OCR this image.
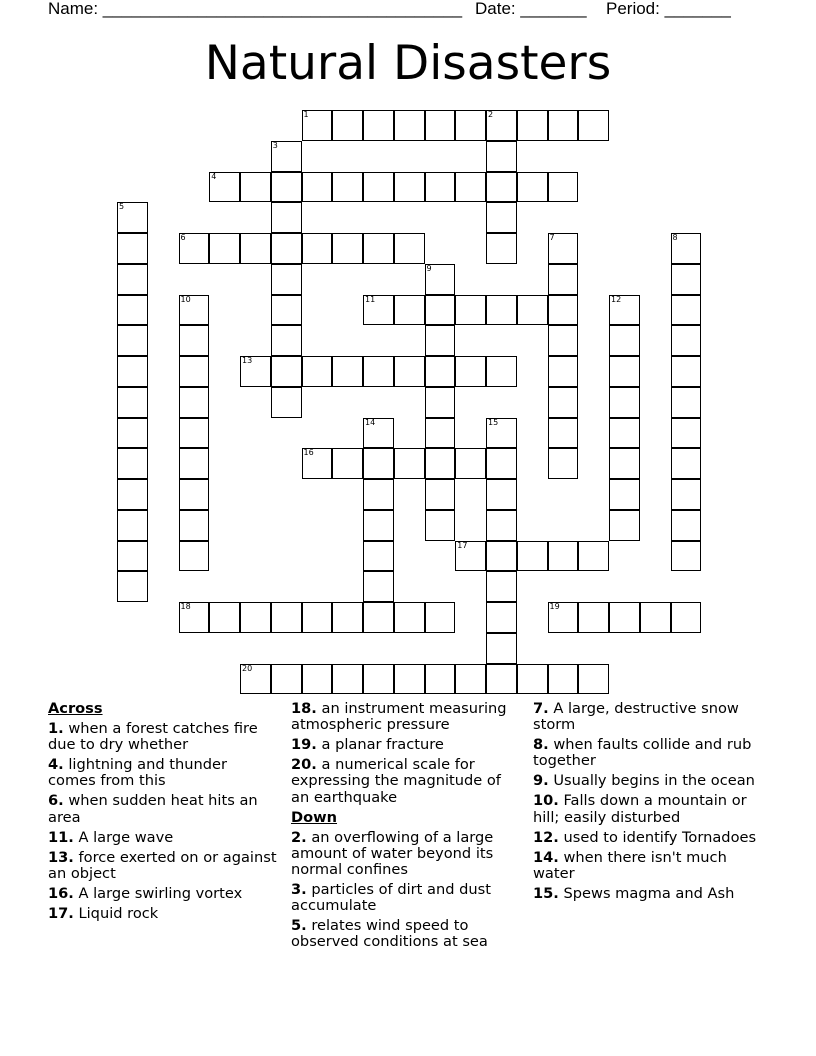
Name: ______________________________________ Date: _______ Period: _______
Natural Disasters
1	2
3
4
5
6	7	8
9
10	11	12
13
14	15
16
17
18	19
20
Across
1. when a forest catches fire due to dry whether
4. lightning and thunder comes from this
6. when sudden heat hits an area
11. A large wave
13. force exerted on or against an object
16. A large swirling vortex
17. Liquid rock
18. an instrument measuring atmospheric pressure
19. a planar fracture
20. a numerical scale for expressing the magnitude of an earthquake
Down
2. an overflowing of a large amount of water beyond its normal confines
3. particles of dirt and dust accumulate
5. relates wind speed to observed conditions at sea
7. A large, destructive snow storm
8. when faults collide and rub together
9. Usually begins in the ocean
10. Falls down a mountain or hill; easily disturbed
12. used to identify Tornadoes
14. when there isn't much water
15. Spews magma and Ash
